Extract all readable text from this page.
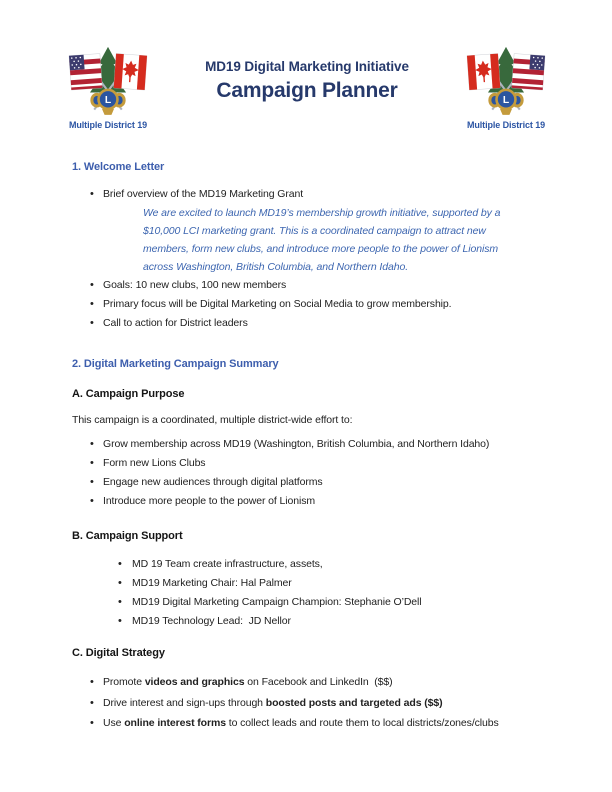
L
Multiple District 19
MD19 Digital Marketing Initiative
Campaign Planner	L
Multiple District 19
1. Welcome Letter
• Brief overview of the MD19 Marketing Grant
We are excited to launch MD19’s membership growth initiative, supported by a $10,000 LCI marketing grant. This is a coordinated campaign to attract new members, form new clubs, and introduce more people to the power of Lionism across Washington, British Columbia, and Northern Idaho.
• Goals: 10 new clubs, 100 new members
• Primary focus will be Digital Marketing on Social Media to grow membership.
• Call to action for District leaders
2. Digital Marketing Campaign Summary
A. Campaign Purpose
This campaign is a coordinated, multiple district-wide effort to:
• Grow membership across MD19 (Washington, British Columbia, and Northern Idaho)
• Form new Lions Clubs
• Engage new audiences through digital platforms
• Introduce more people to the power of Lionism
B. Campaign Support
• MD 19 Team create infrastructure, assets,
• MD19 Marketing Chair: Hal Palmer
• MD19 Digital Marketing Campaign Champion: Stephanie O’Dell
• MD19 Technology Lead:  JD Nellor
C. Digital Strategy
• Promote videos and graphics on Facebook and LinkedIn  ($$)
• Drive interest and sign-ups through boosted posts and targeted ads ($$)
• Use online interest forms to collect leads and route them to local districts/zones/clubs
